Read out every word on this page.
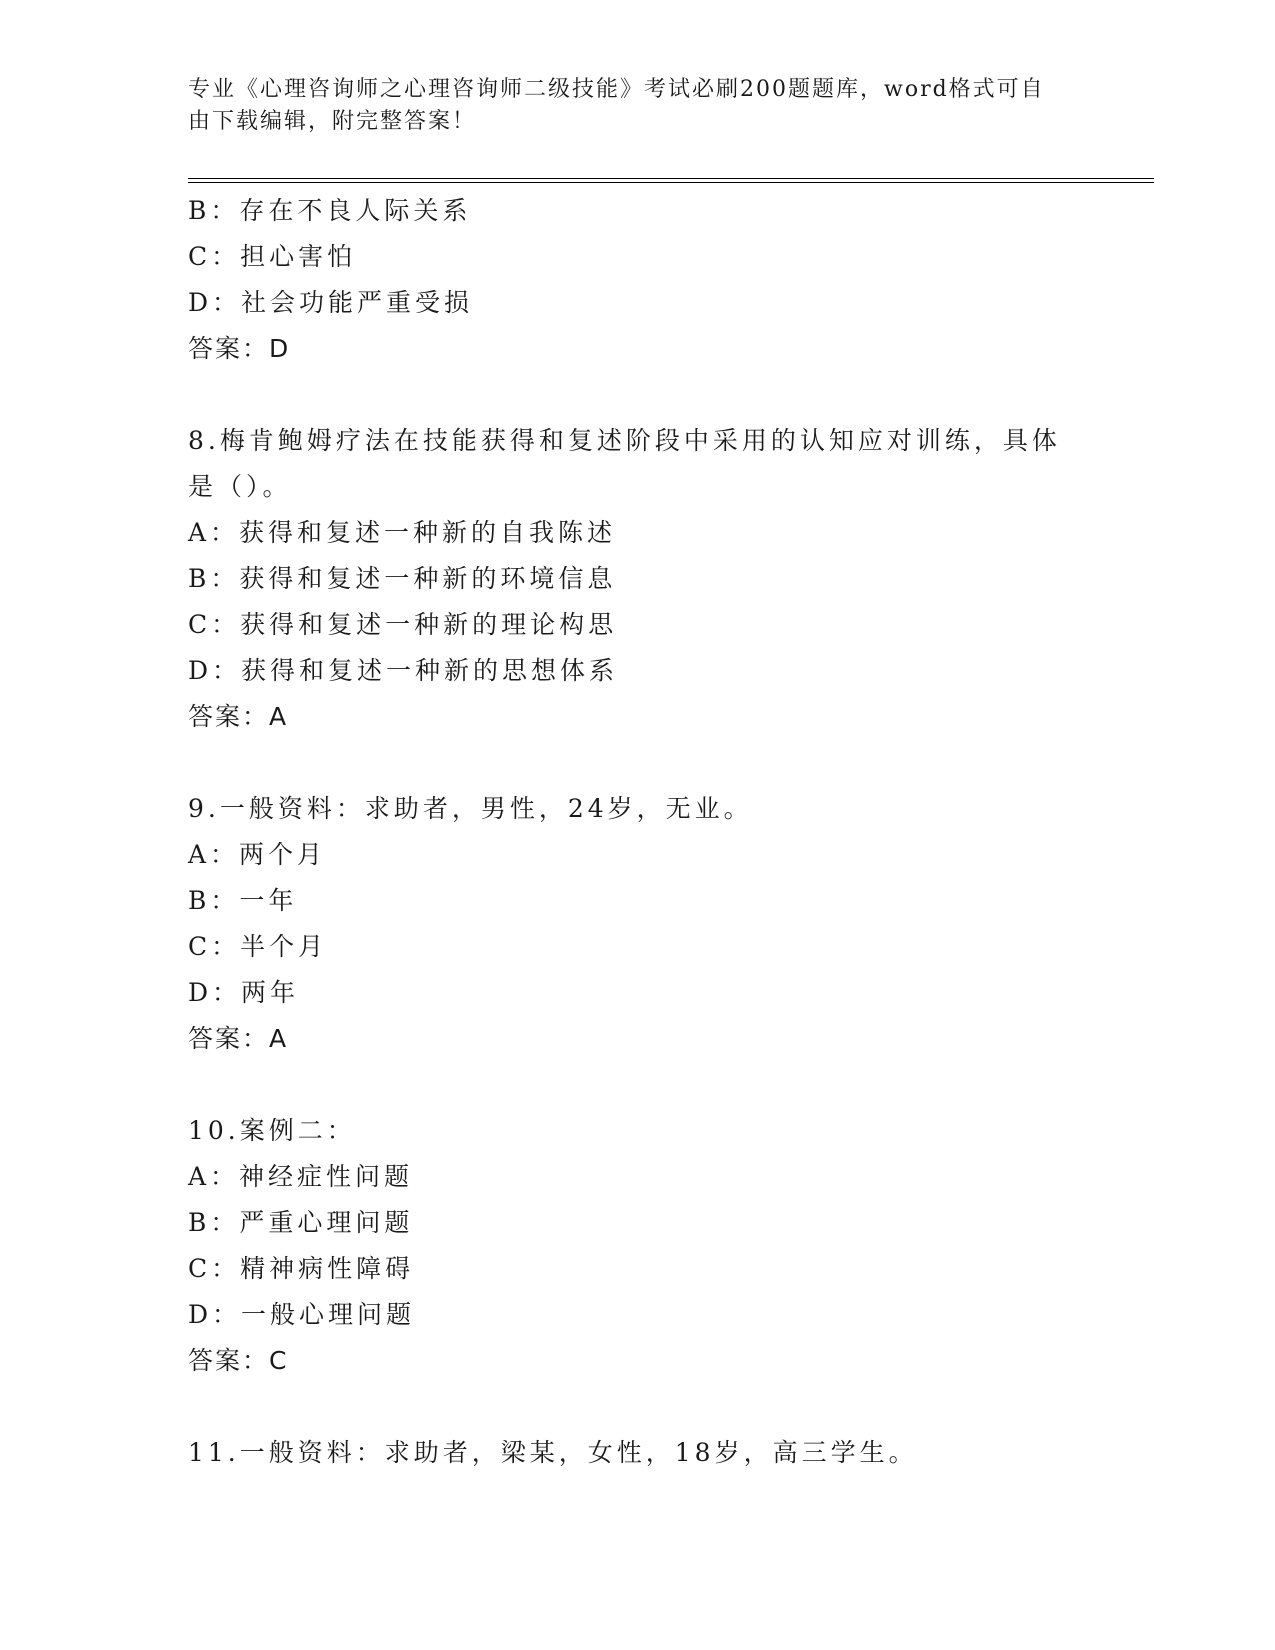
专业《心理咨询师之心理咨询师二级技能》考试必刷200题题库，word格式可自由下载编辑，附完整答案！
B：存在不良人际关系
C：担心害怕
D：社会功能严重受损
答案：D
8.梅肯鲍姆疗法在技能获得和复述阶段中采用的认知应对训练，具体是（）。
A：获得和复述一种新的自我陈述
B：获得和复述一种新的环境信息
C：获得和复述一种新的理论构思
D：获得和复述一种新的思想体系
答案：A
9.一般资料：求助者，男性，24岁，无业。
A：两个月
B：一年
C：半个月
D：两年
答案：A
10.案例二：
A：神经症性问题
B：严重心理问题
C：精神病性障碍
D：一般心理问题
答案：C
11.一般资料：求助者，梁某，女性，18岁，高三学生。
